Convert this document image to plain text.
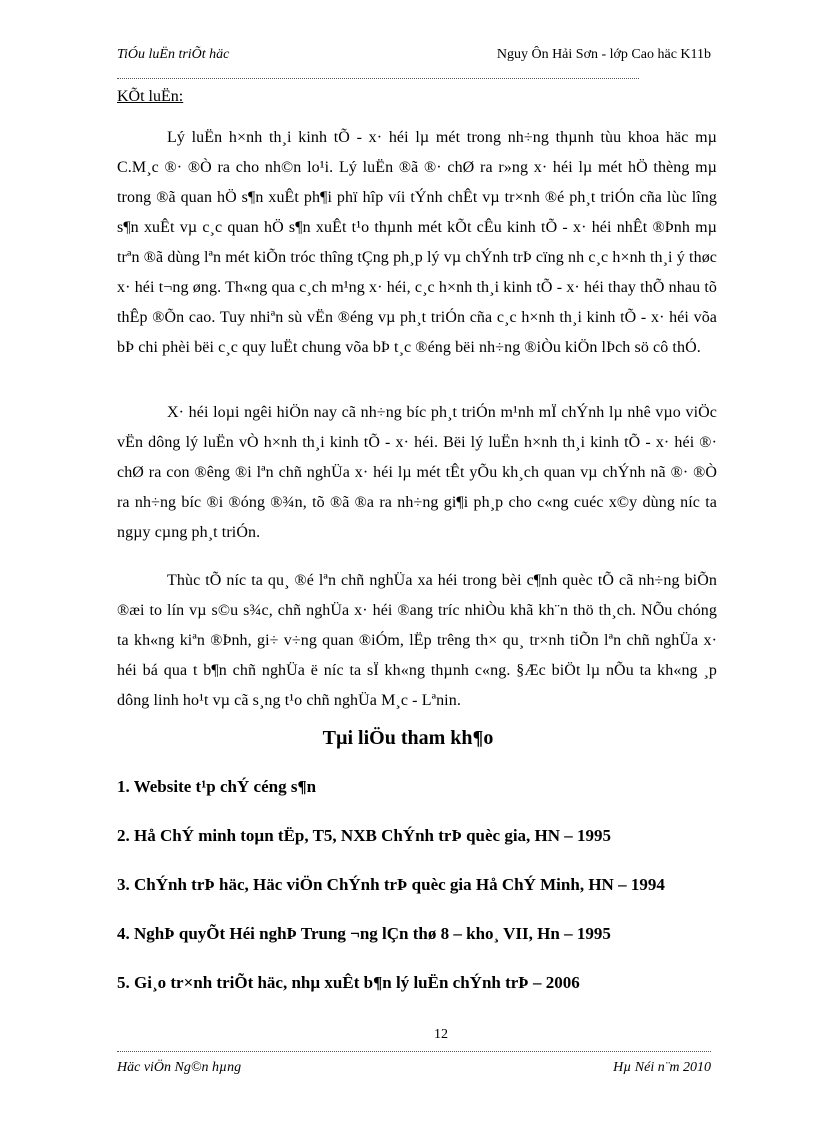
TiÓu luËn triÕt häc	Nguy Ôn Hải Sơn - lớp Cao häc K11b
KÕt luËn:

Lý luËn h×nh th¸i kinh tÕ - x· héi lµ mét trong nh÷ng thµnh tùu khoa häc mµ C.M¸c ®· ®Ò ra cho nh©n lo¹i. Lý luËn ®ã ®· chØ ra r»ng x· héi lµ mét hÖ thèng mµ trong ®ã quan hÖ s¶n xuÊt ph¶i phï hîp víi tÝnh chÊt vµ tr×nh ®é ph¸t triÓn cña lùc lîng s¶n xuÊt vµ c¸c quan hÖ s¶n xuÊt t¹o thµnh mét kÕt cÊu kinh tÕ - x· héi nhÊt ®Þnh mµ trªn ®ã dùng lªn mét kiÕn tróc thîng tÇng ph¸p lý vµ chÝnh trÞ cïng nh c¸c h×nh th¸i ý thøc x· héi t¬ng øng. Th«ng qua c¸ch m¹ng x· héi, c¸c h×nh th¸i kinh tÕ - x· héi thay thÕ nhau tõ thÊp ®Õn cao. Tuy nhiªn sù vËn ®éng vµ ph¸t triÓn cña c¸c h×nh th¸i kinh tÕ - x· héi võa bÞ chi phèi bëi c¸c quy luËt chung võa bÞ t¸c ®éng bëi nh÷ng ®iÒu kiÖn lÞch sö cô thÓ.

X· héi loµi ngêi hiÖn nay cã nh÷ng bíc ph¸t triÓn m¹nh mÏ chÝnh lµ nhê vµo viÖc vËn dông lý luËn vÒ h×nh th¸i kinh tÕ - x· héi. Bëi lý luËn h×nh th¸i kinh tÕ - x· héi ®· chØ ra con ®êng ®i lªn chñ nghÜa x· héi lµ mét tÊt yÕu kh¸ch quan vµ chÝnh nã ®· ®Ò ra nh÷ng bíc ®i ®óng ®¾n, tõ ®ã ®a ra nh÷ng gi¶i ph¸p cho c«ng cuéc x©y dùng níc ta ngµy cµng ph¸t triÓn.

Thùc tÕ níc ta qu¸ ®é lªn chñ nghÜa xa héi trong bèi c¶nh quèc tÕ cã nh÷ng biÕn ®æi to lín vµ s©u s¾c, chñ nghÜa x· héi ®ang tríc nhiÒu khã kh¨n thö th¸ch. NÕu chóng ta kh«ng kiªn ®Þnh, gi÷ v÷ng quan ®iÓm, lËp trêng th× qu¸ tr×nh tiÕn lªn chñ nghÜa x· héi bá qua t b¶n chñ nghÜa ë níc ta sÏ kh«ng thµnh c«ng. §Æc biÖt lµ nÕu ta kh«ng ¸p dông linh ho¹t vµ cã s¸ng t¹o chñ nghÜa M¸c - Lªnin.

Tµi liÖu tham kh¶o
1. Website t¹p chÝ céng s¶n
2. Hå ChÝ minh toµn tËp, T5, NXB ChÝnh trÞ quèc gia, HN – 1995
3. ChÝnh trÞ häc, Häc viÖn ChÝnh trÞ quèc gia Hå ChÝ Minh, HN – 1994
4. NghÞ quyÕt Héi nghÞ Trung ¬ng lÇn thø 8 – kho¸ VII, Hn – 1995
5. Gi¸o tr×nh triÕt häc, nhµ xuÊt b¶n lý luËn chÝnh trÞ – 2006
12
Häc viÖn Ng©n hµng	Hµ Néi n¨m 2010
